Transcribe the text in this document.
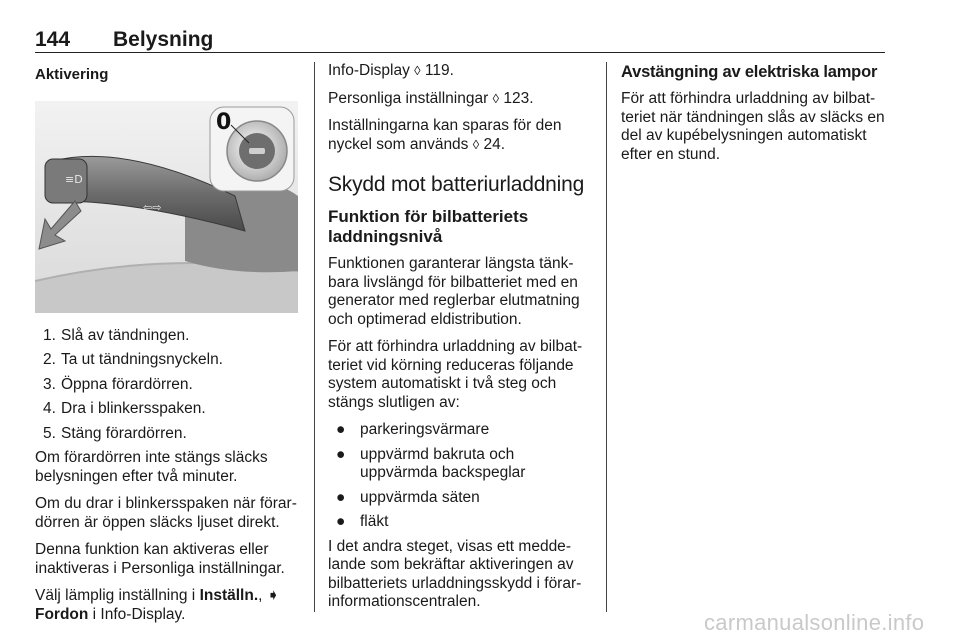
144 Belysning
Aktivering
≡D
⇦⇨
0
1. Slå av tändningen.
2. Ta ut tändningsnyckeln.
3. Öppna förardörren.
4. Dra i blinkersspaken.
5. Stäng förardörren.

Om förardörren inte stängs släcks belysningen efter två minuter.

Om du drar i blinkersspaken när förardörren är öppen släcks ljuset direkt.

Denna funktion kan aktiveras eller inaktiveras i Personliga inställningar.

Välj lämplig inställning i Inställn., ➧
Fordon i Info-Display.

Info-Display ◊ 119.

Personliga inställningar ◊ 123.

Inställningarna kan sparas för den nyckel som används ◊ 24.

Skydd mot batteriurladdning
Funktion för bilbatteriets laddningsnivå

Funktionen garanterar längsta tänkbara livslängd för bilbatteriet med en generator med reglerbar elutmatning och optimerad eldistribution.

För att förhindra urladdning av bilbatteriet vid körning reduceras följande system automatiskt i två steg och stängs slutligen av:

● parkeringsvärmare
● uppvärmd bakruta och uppvärmda backspeglar
● uppvärmda säten
● fläkt

I det andra steget, visas ett meddelande som bekräftar aktiveringen av bilbatteriets urladdningsskydd i förarinformationscentralen.

Avstängning av elektriska lampor

För att förhindra urladdning av bilbatteriet när tändningen slås av släcks en del av kupébelysningen automatiskt efter en stund.

carmanualsonline.info
